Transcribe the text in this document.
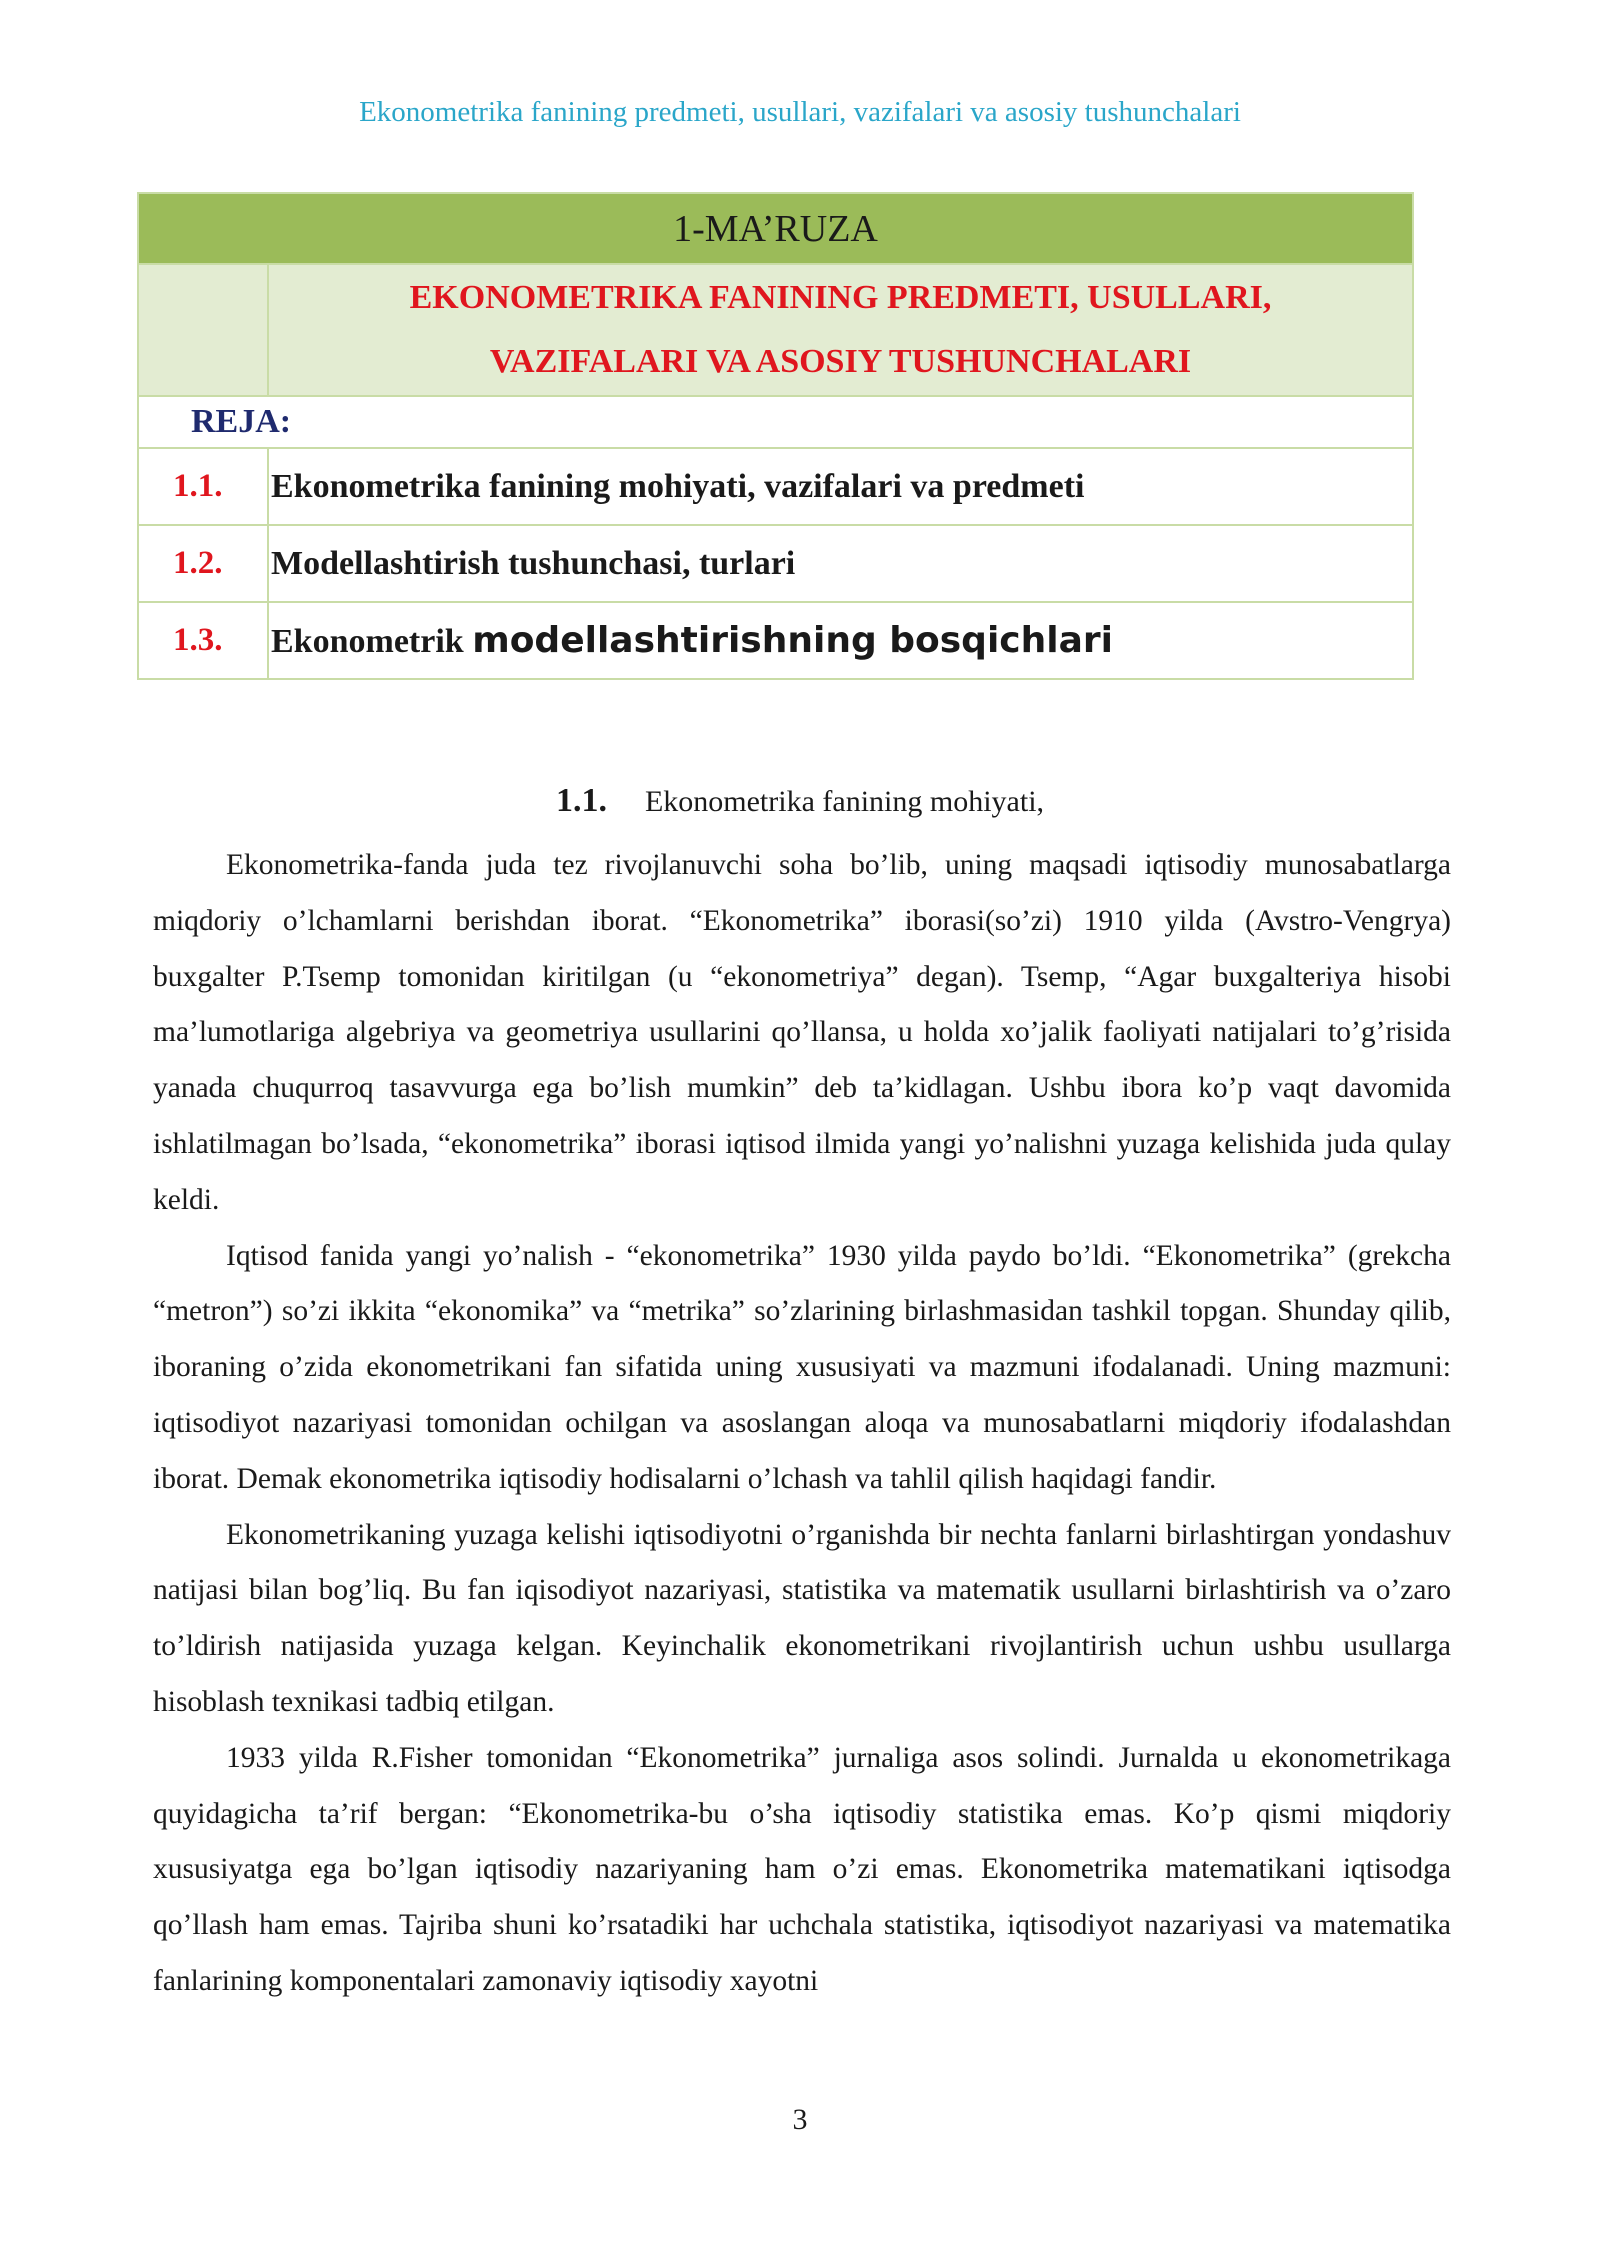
Ekonometrika fanining predmeti, usullari, vazifalari va asosiy tushunchalari
1-MA’RUZA	

	EKONOMETRIKA FANINING PREDMETI, USULLARI,
VAZIFALARI VA ASOSIY TUSHUNCHALARI

REJA:	
1.1.	Ekonometrika fanining mohiyati, vazifalari va predmeti
1.2.	Modellashtirish tushunchasi, turlari
1.3.	Ekonometrik modellashtirishning bosqichlari
1.1. Ekonometrika fanining mohiyati,

Ekonometrika-fanda juda tez rivojlanuvchi soha bo’lib, uning maqsadi iqtisodiy munosabatlarga miqdoriy o’lchamlarni berishdan iborat. “Ekonometrika” iborasi(so’zi) 1910 yilda (Avstro-Vengrya) buxgalter P.Tsemp tomonidan kiritilgan (u “ekonometriya” degan). Tsemp, “Agar buxgalteriya hisobi ma’lumotlariga algebriya va geometriya usullarini qo’llansa, u holda xo’jalik faoliyati natijalari to’g’risida yanada chuqurroq tasavvurga ega bo’lish mumkin” deb ta’kidlagan. Ushbu ibora ko’p vaqt davomida ishlatilmagan bo’lsada, “ekonometrika” iborasi iqtisod ilmida yangi yo’nalishni yuzaga kelishida juda qulay keldi.

Iqtisod fanida yangi yo’nalish - “ekonometrika” 1930 yilda paydo bo’ldi. “Ekonometrika” (grekcha “metron”) so’zi ikkita “ekonomika” va “metrika” so’zlarining birlashmasidan tashkil topgan. Shunday qilib, iboraning o’zida ekonometrikani fan sifatida uning xususiyati va mazmuni ifodalanadi. Uning mazmuni: iqtisodiyot nazariyasi tomonidan ochilgan va asoslangan aloqa va munosabatlarni miqdoriy ifodalashdan iborat. Demak ekonometrika iqtisodiy hodisalarni o’lchash va tahlil qilish haqidagi fandir.

Ekonometrikaning yuzaga kelishi iqtisodiyotni o’rganishda bir nechta fanlarni birlashtirgan yondashuv natijasi bilan bog’liq. Bu fan iqisodiyot nazariyasi, statistika va matematik usullarni birlashtirish va o’zaro to’ldirish natijasida yuzaga kelgan. Keyinchalik ekonometrikani rivojlantirish uchun ushbu usullarga hisoblash texnikasi tadbiq etilgan.

1933 yilda R.Fisher tomonidan “Ekonometrika” jurnaliga asos solindi. Jurnalda u ekonometrikaga quyidagicha ta’rif bergan: “Ekonometrika-bu o’sha iqtisodiy statistika emas. Ko’p qismi miqdoriy xususiyatga ega bo’lgan iqtisodiy nazariyaning ham o’zi emas. Ekonometrika matematikani iqtisodga qo’llash ham emas. Tajriba shuni ko’rsatadiki har uchchala statistika, iqtisodiyot nazariyasi va matematika fanlarining komponentalari zamonaviy iqtisodiy xayotni

3
